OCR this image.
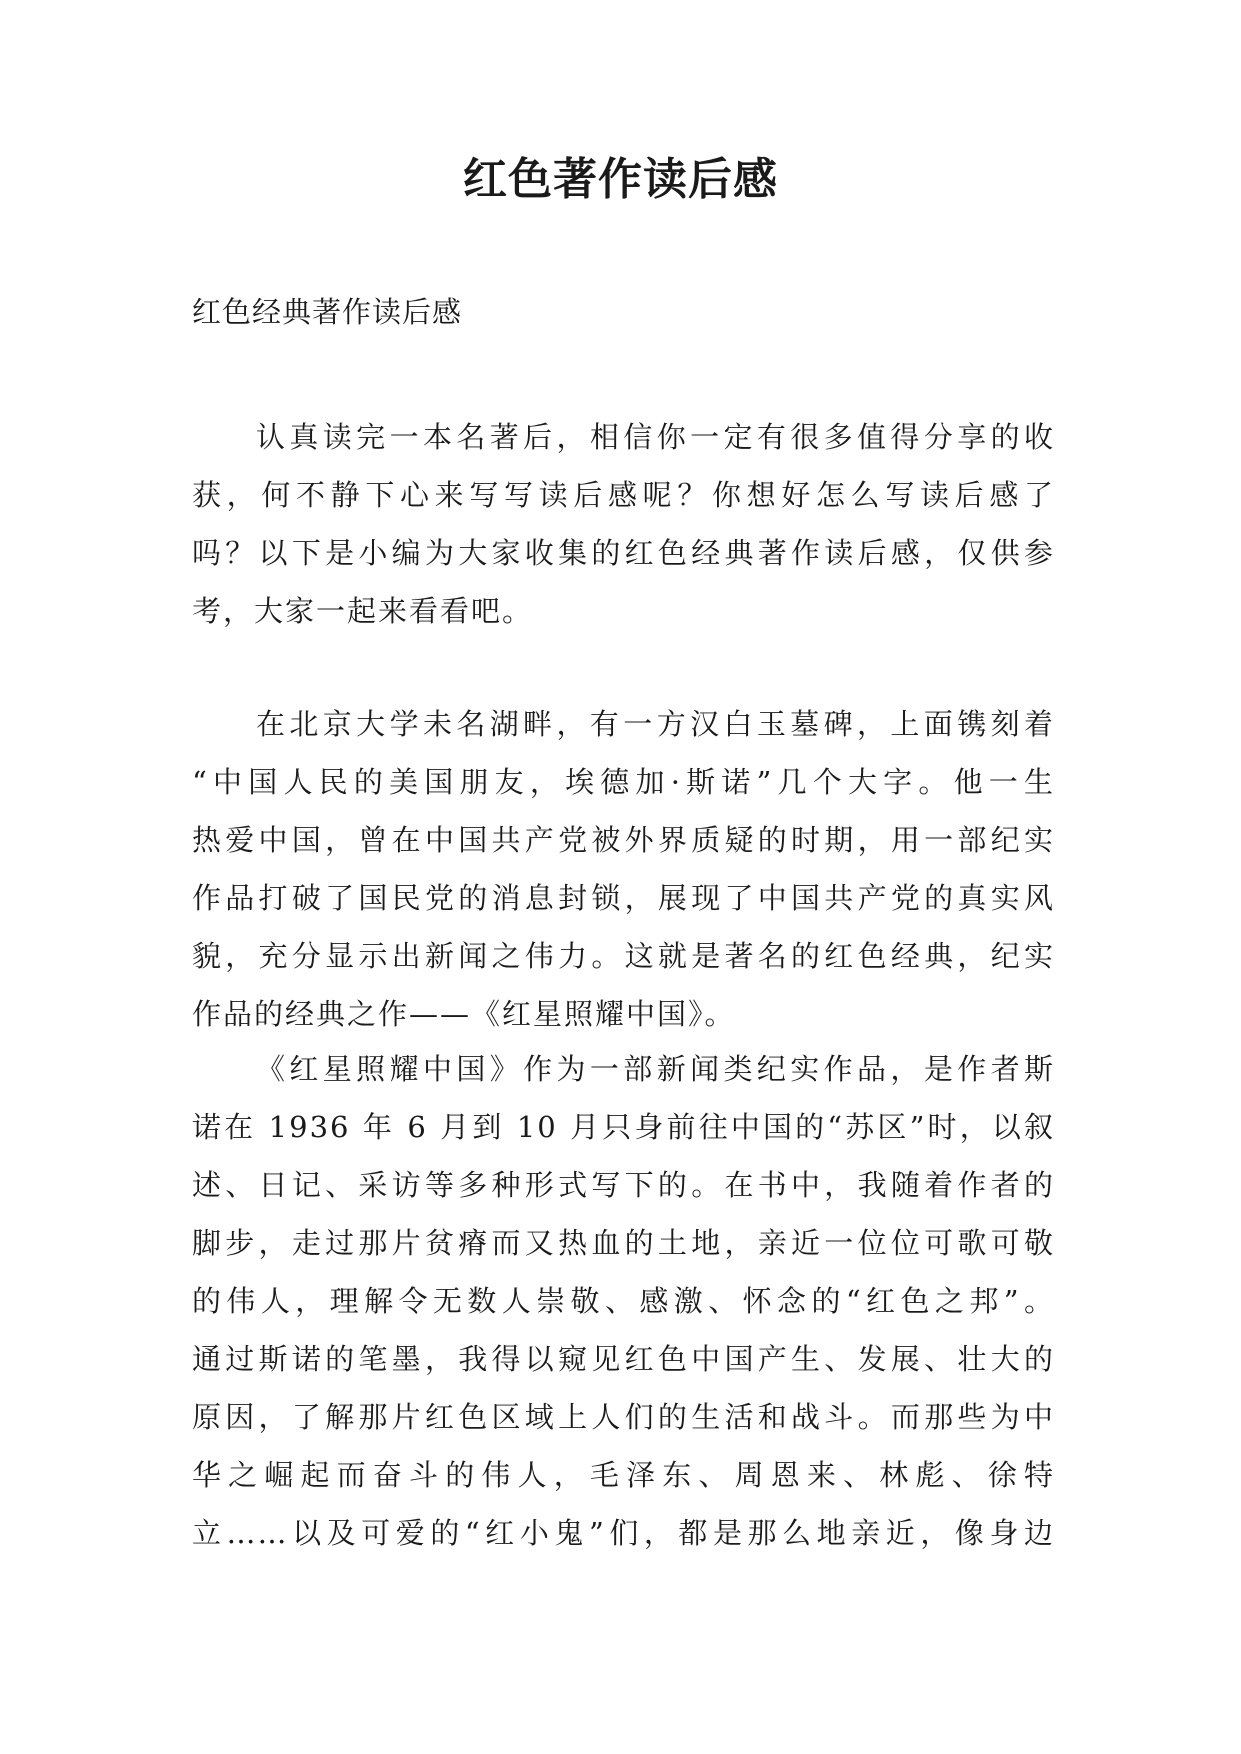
红色著作读后感

红色经典著作读后感

认真读完一本名著后，相信你一定有很多值得分享的收
获，何不静下心来写写读后感呢？你想好怎么写读后感了
吗？以下是小编为大家收集的红色经典著作读后感，仅供参
考，大家一起来看看吧。
在北京大学未名湖畔，有一方汉白玉墓碑，上面镌刻着
“中国人民的美国朋友，埃德加·斯诺”几个大字。他一生
热爱中国，曾在中国共产党被外界质疑的时期，用一部纪实
作品打破了国民党的消息封锁，展现了中国共产党的真实风
貌，充分显示出新闻之伟力。这就是著名的红色经典，纪实
作品的经典之作——《红星照耀中国》。
《红星照耀中国》作为一部新闻类纪实作品，是作者斯
诺在 1936 年 6 月到 10 月只身前往中国的“苏区”时，以叙
述、日记、采访等多种形式写下的。在书中，我随着作者的
脚步，走过那片贫瘠而又热血的土地，亲近一位位可歌可敬
的伟人，理解令无数人崇敬、感激、怀念的“红色之邦”。
通过斯诺的笔墨，我得以窥见红色中国产生、发展、壮大的
原因，了解那片红色区域上人们的生活和战斗。而那些为中
华之崛起而奋斗的伟人，毛泽东、周恩来、林彪、徐特
立……以及可爱的“红小鬼”们，都是那么地亲近，像身边
